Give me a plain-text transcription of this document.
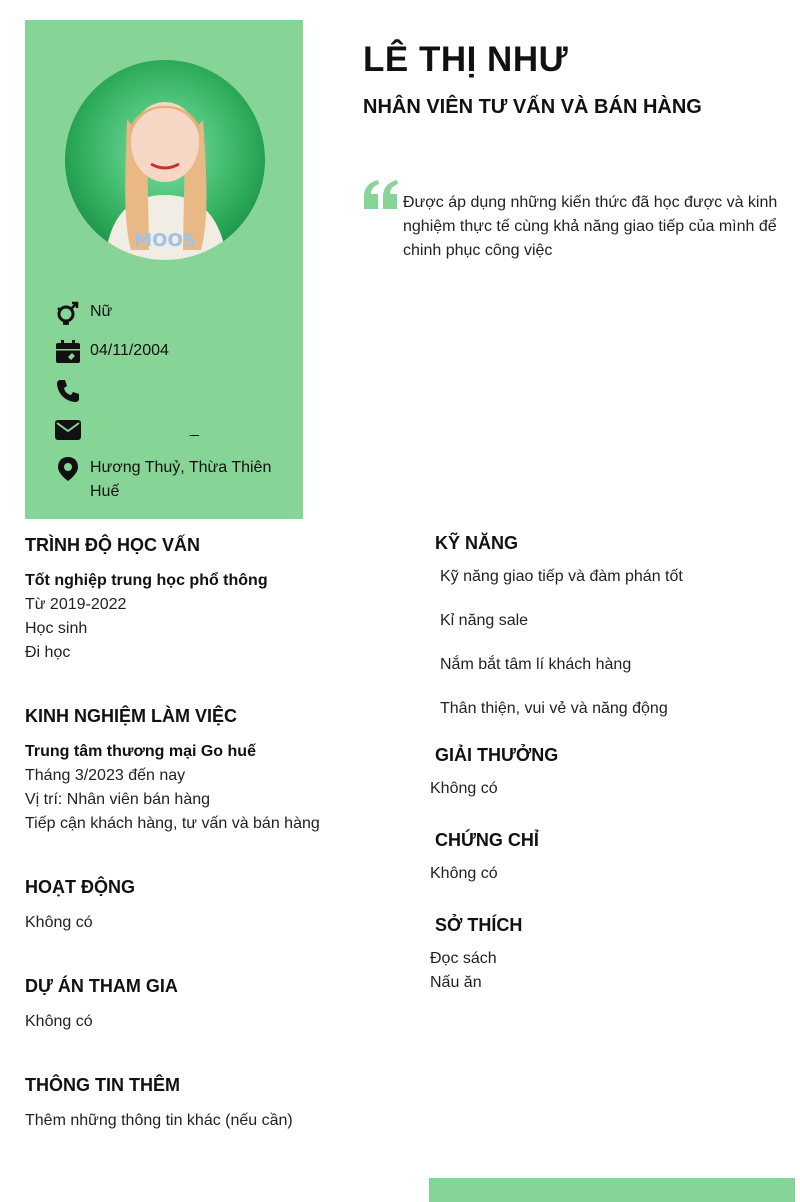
MOOS
Nữ
04/11/2004
_
Hương Thuỷ, Thừa Thiên Huế
LÊ THỊ NHƯ
NHÂN VIÊN TƯ VẤN VÀ BÁN HÀNG

Được áp dụng những kiến thức đã học được và kinh nghiệm thực tế cùng khả năng giao tiếp của mình để chinh phục công việc

TRÌNH ĐỘ HỌC VẤN
Tốt nghiệp trung học phổ thông
Từ 2019-2022
Học sinh
Đi học
KINH NGHIỆM LÀM VIỆC
Trung tâm thương mại Go huế
Tháng 3/2023 đến nay
Vị trí: Nhân viên bán hàng
Tiếp cận khách hàng, tư vấn và bán hàng
HOẠT ĐỘNG
Không có
DỰ ÁN THAM GIA
Không có
THÔNG TIN THÊM
Thêm những thông tin khác (nếu cần)
KỸ NĂNG
Kỹ năng giao tiếp và đàm phán tốt
Kỉ năng sale
Nắm bắt tâm lí khách hàng
Thân thiện, vui vẻ và năng động
GIẢI THƯỞNG
Không có
CHỨNG CHỈ
Không có
SỞ THÍCH
Đọc sách
Nấu ăn
